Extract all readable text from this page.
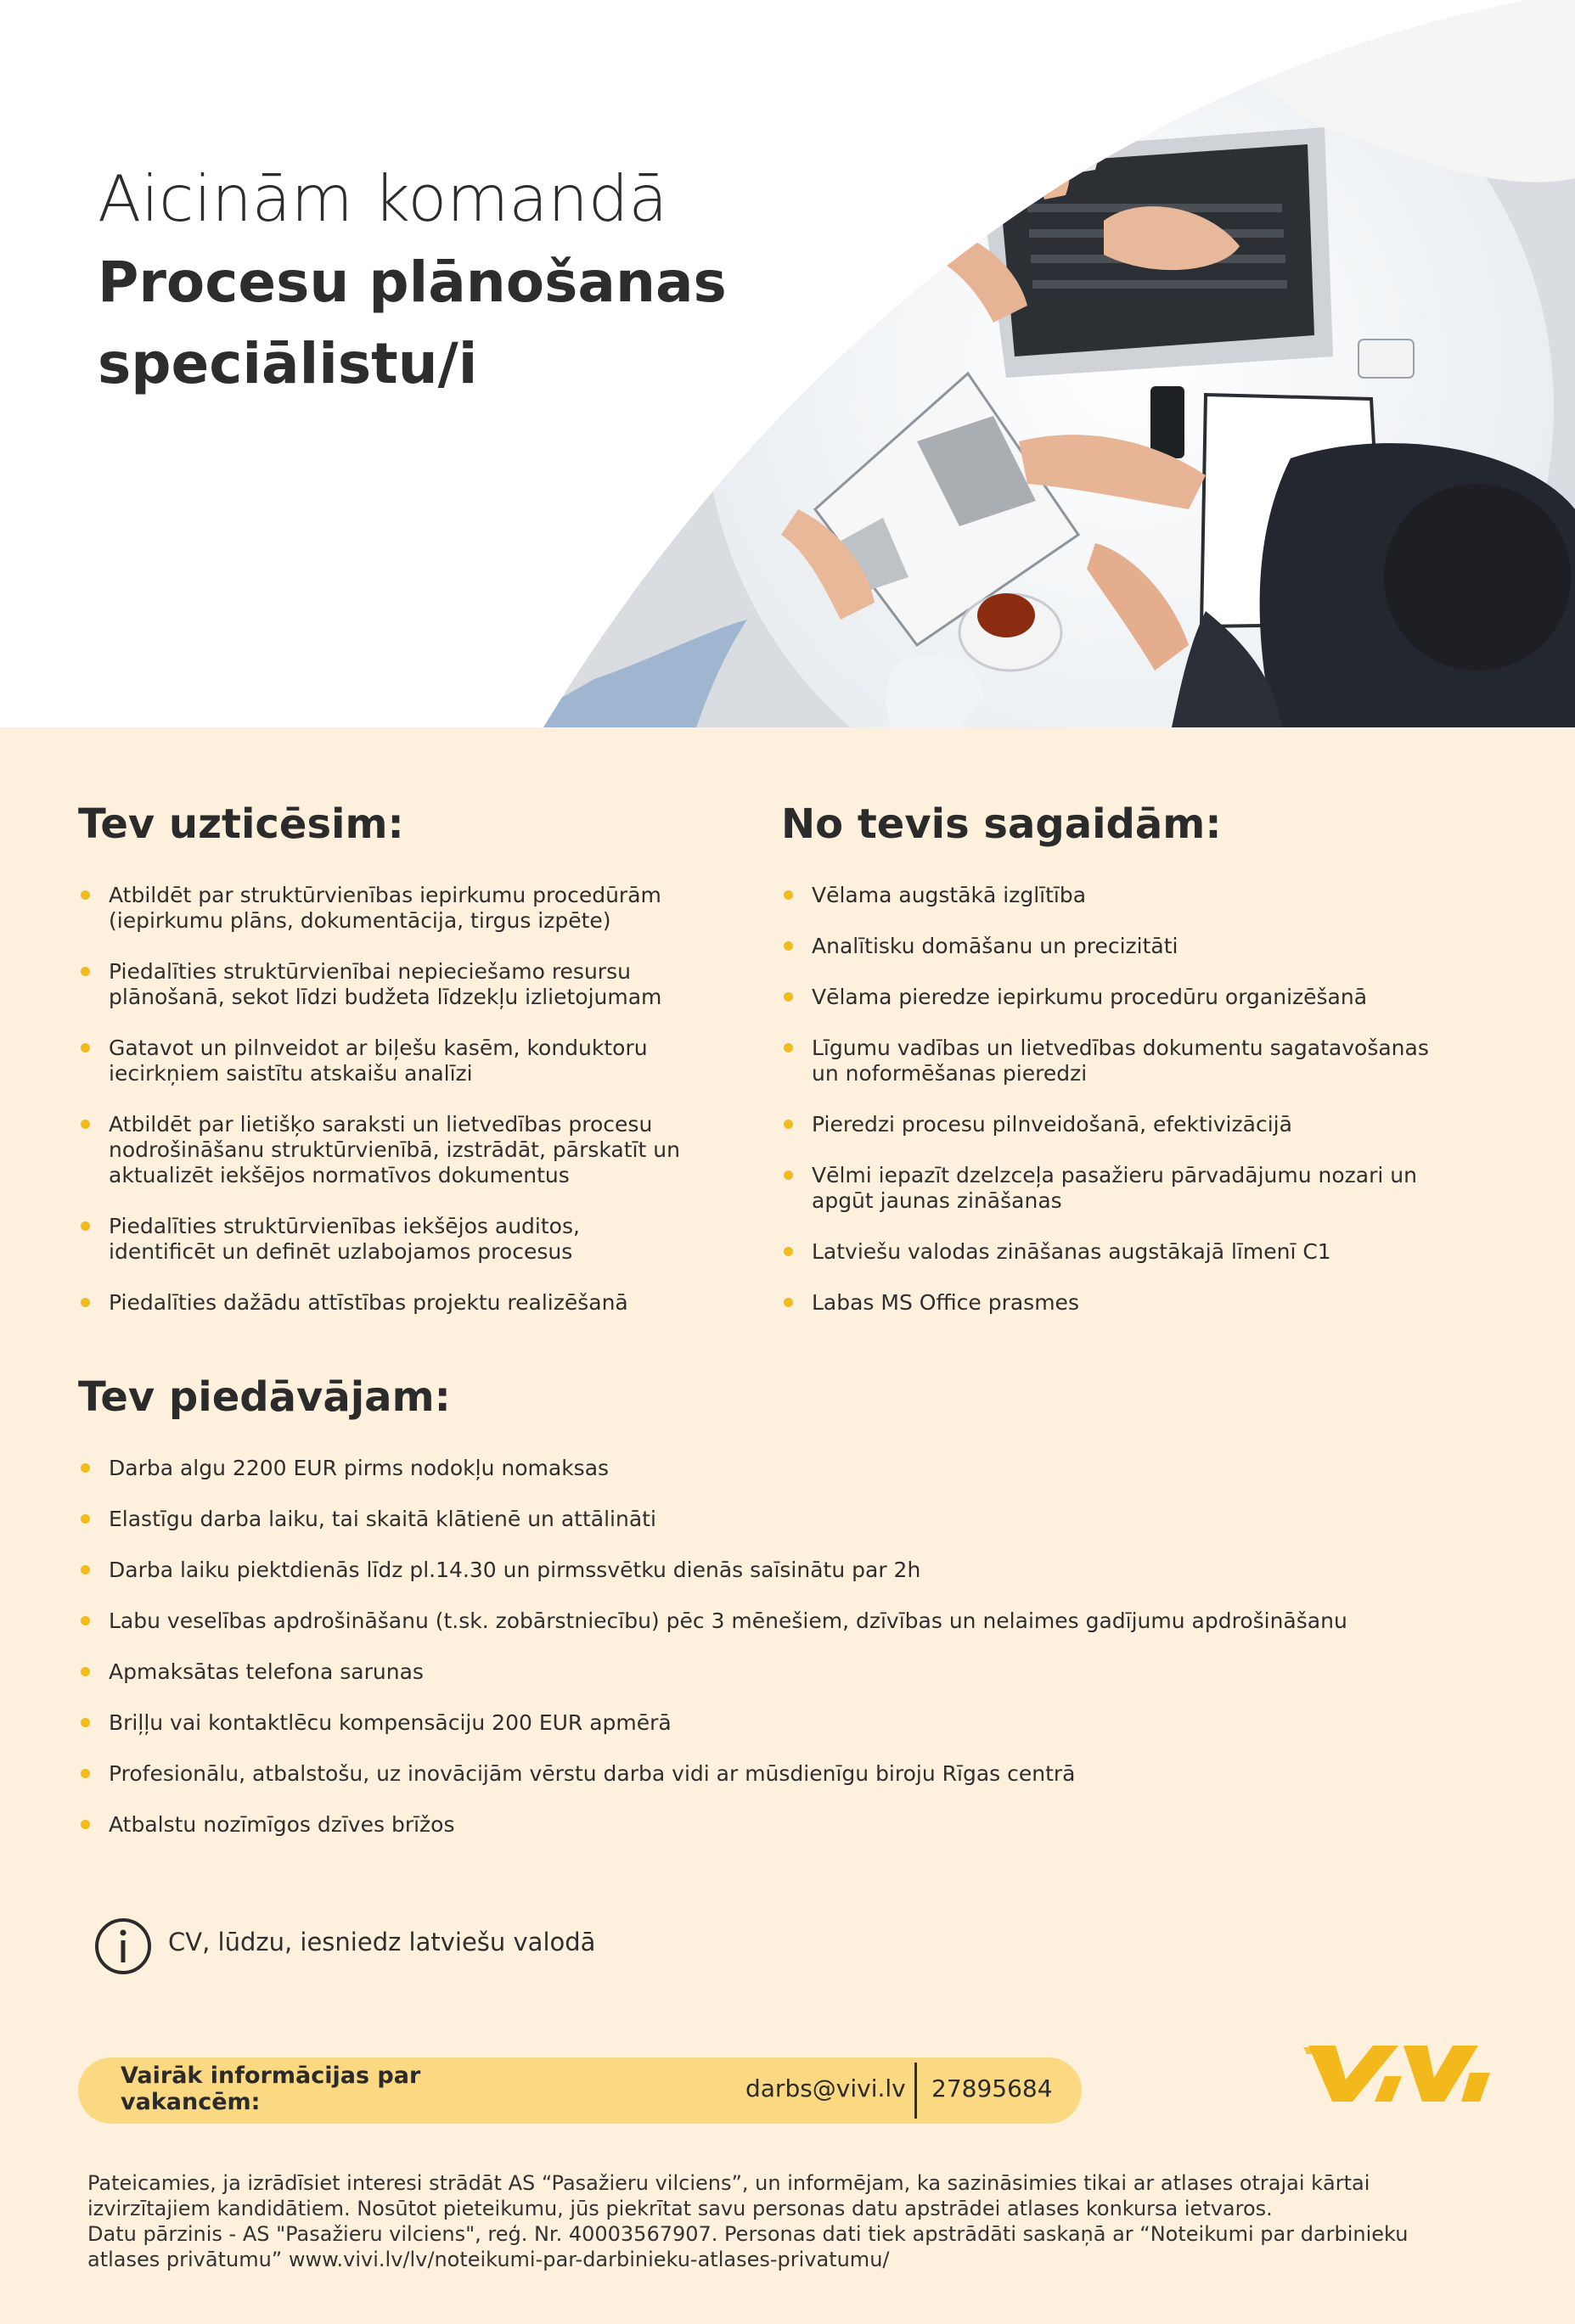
Aicinām komandā
Procesu plānošanas speciālistu/i
Tev uzticēsim:
Atbildēt par struktūrvienības iepirkumu procedūrām (iepirkumu plāns, dokumentācija, tirgus izpēte)
Piedalīties struktūrvienībai nepieciešamo resursu plānošanā, sekot līdzi budžeta līdzekļu izlietojumam
Gatavot un pilnveidot ar biļešu kasēm, konduktoru iecirkņiem saistītu atskaišu analīzi
Atbildēt par lietišķo saraksti un lietvedības procesu nodrošināšanu struktūrvienībā, izstrādāt, pārskatīt un aktualizēt iekšējos normatīvos dokumentus
Piedalīties struktūrvienības iekšējos auditos, identificēt un definēt uzlabojamos procesus
Piedalīties dažādu attīstības projektu realizēšanā
No tevis sagaidām:
Vēlama augstākā izglītība
Analītisku domāšanu un precizitāti
Vēlama pieredze iepirkumu procedūru organizēšanā
Līgumu vadības un lietvedības dokumentu sagatavošanas un noformēšanas pieredzi
Pieredzi procesu pilnveidošanā, efektivizācijā
Vēlmi iepazīt dzelzceļa pasažieru pārvadājumu nozari un apgūt jaunas zināšanas
Latviešu valodas zināšanas augstākajā līmenī C1
Labas MS Office prasmes
Tev piedāvājam:
Darba algu 2200 EUR pirms nodokļu nomaksas
Elastīgu darba laiku, tai skaitā klātienē un attālināti
Darba laiku piektdienās līdz pl.14.30 un pirmssvētku dienās saīsinātu par 2h
Labu veselības apdrošināšanu (t.sk. zobārstniecību) pēc 3 mēnešiem, dzīvības un nelaimes gadījumu apdrošināšanu
Apmaksātas telefona sarunas
Briļļu vai kontaktlēcu kompensāciju 200 EUR apmērā
Profesionālu, atbalstošu, uz inovācijām vērstu darba vidi ar mūsdienīgu biroju Rīgas centrā
Atbalstu nozīmīgos dzīves brīžos
CV, lūdzu, iesniedz latviešu valodā
Vairāk informācijas par vakancēm:	darbs@vivi.lv 27895684

Pateicamies, ja izrādīsiet interesi strādāt AS “Pasažieru vilciens”, un informējam, ka sazināsimies tikai ar atlases otrajai kārtai izvirzītajiem kandidātiem. Nosūtot pieteikumu, jūs piekrītat savu personas datu apstrādei atlases konkursa ietvaros.

Datu pārzinis - AS "Pasažieru vilciens", reģ. Nr. 40003567907. Personas dati tiek apstrādāti saskaņā ar “Noteikumi par darbinieku atlases privātumu” www.vivi.lv/lv/noteikumi-par-darbinieku-atlases-privatumu/
